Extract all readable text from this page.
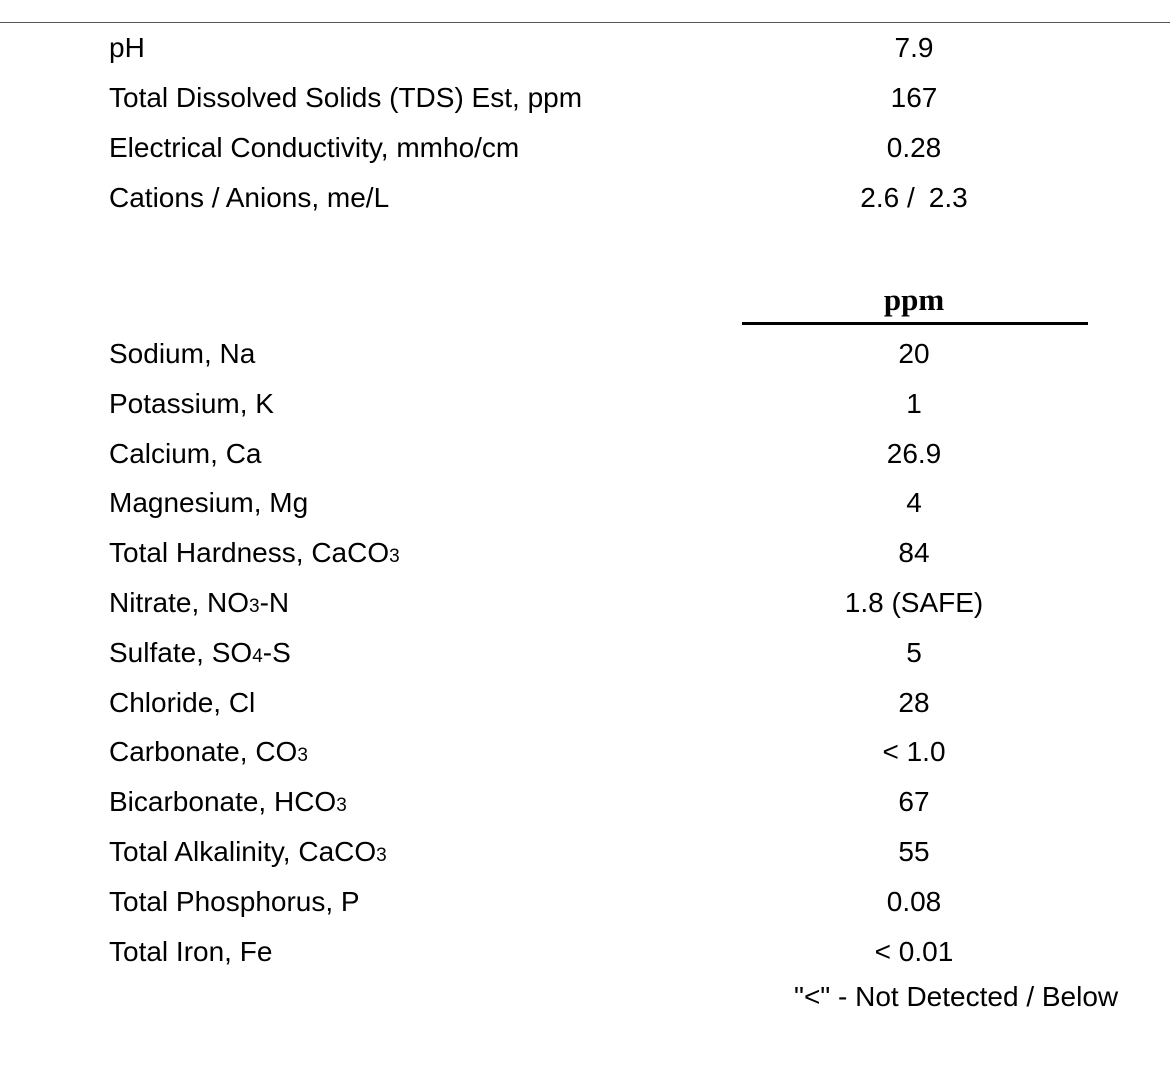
pH	7.9
Total Dissolved Solids (TDS) Est, ppm	167
Electrical Conductivity, mmho/cm	0.28
Cations / Anions, me/L	2.6 / 2.3
ppm
Sodium, Na	20
Potassium, K	1
Calcium, Ca	26.9
Magnesium, Mg	4
Total Hardness, CaCO3	84
Nitrate, NO3-N	1.8 (SAFE)
Sulfate, SO4-S	5
Chloride, Cl	28
Carbonate, CO3	< 1.0
Bicarbonate, HCO3	67
Total Alkalinity, CaCO3	55
Total Phosphorus, P	0.08
Total Iron, Fe	< 0.01
"<" - Not Detected / Below
